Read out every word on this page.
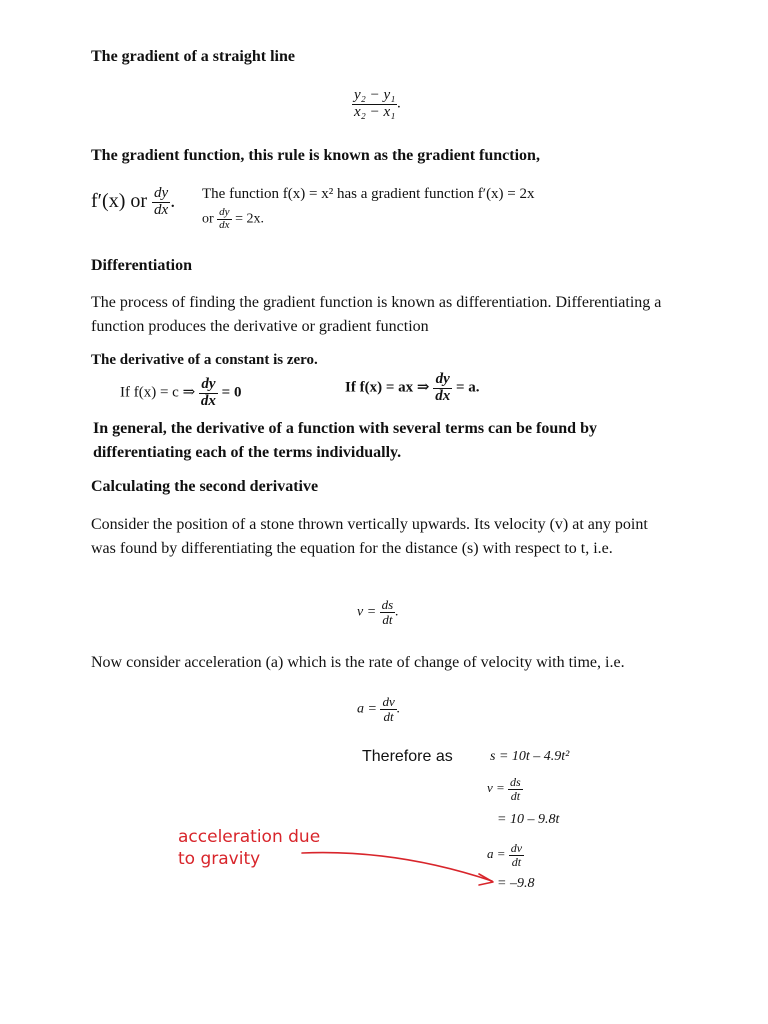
The gradient of a straight line
$\frac{\text{y₂ − y₁}}{\text{x₂ − x₁}}$ .
The gradient function, this rule is known as the gradient function,
f′(x) or $\frac{dy}{dx}$ . The function f(x) = x² has a gradient function f′(x) = 2x
or $\frac{dy}{dx} = 2x$.
Differentiation
The process of finding the gradient function is known as differentiation. Differentiating a function produces the derivative or gradient function
The derivative of a constant is zero.
If f(x) = c ⇒ $\frac{dy}{dx} = 0$	If f(x) = ax ⇒ $\frac{dy}{dx} = a$.
In general, the derivative of a function with several terms can be found by differentiating each of the terms individually.
Calculating the second derivative
Consider the position of a stone thrown vertically upwards. Its velocity (v) at any point was found by differentiating the equation for the distance (s) with respect to t, i.e.
$v = \frac{ds}{dt}$ .
Now consider acceleration (a) which is the rate of change of velocity with time, i.e.
$a = \frac{dv}{dt}$ .
Therefore as	s = 10t – 4.9t²
$v = \frac{ds}{dt}$
= 10 – 9.8t
$a = \frac{dv}{dt}$
= –9.8
acceleration due
to gravity
